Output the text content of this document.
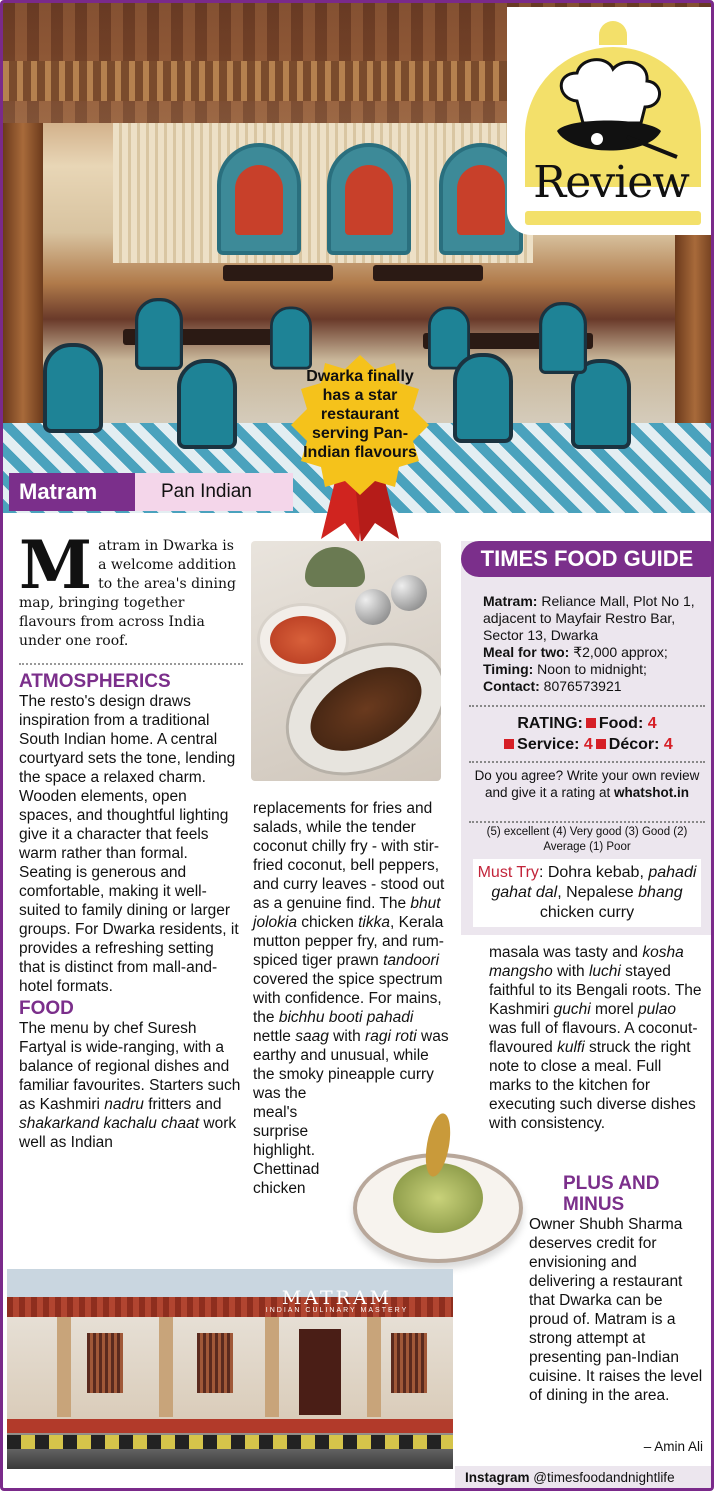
Review
Matram	Pan Indian
Dwarka finally has a star restaurant serving Pan-Indian flavours
Matram in Dwarka is a welcome addition to the area's dining map, bringing together flavours from across India under one roof.
ATMOSPHERICS
The resto's design draws inspiration from a traditional South Indian home. A central courtyard sets the tone, lending the space a relaxed charm. Wooden elements, open spaces, and thoughtful lighting give it a character that feels warm rather than formal. Seating is generous and comfortable, making it well-suited to family dining or larger groups. For Dwarka residents, it provides a refreshing setting that is distinct from mall-and-hotel formats.
FOOD
The menu by chef Suresh Fartyal is wide-ranging, with a balance of regional dishes and familiar favourites. Starters such as Kashmiri nadru fritters and shakarkand kachalu chaat work well as Indian
replacements for fries and salads, while the tender coconut chilly fry - with stir-fried coconut, bell peppers, and curry leaves - stood out as a genuine find. The bhut jolokia chicken tikka, Kerala mutton pepper fry, and rum-spiced tiger prawn tandoori covered the spice spectrum with confidence. For mains, the bichhu booti pahadi nettle saag with ragi roti was earthy and unusual, while the smoky pineapple curry
was the
meal's
surprise
highlight.
Chettinad
chicken
TIMES FOOD GUIDE
Matram: Reliance Mall, Plot No 1, adjacent to Mayfair Restro Bar, Sector 13, Dwarka
Meal for two: ₹2,000 approx;
Timing: Noon to midnight;
Contact: 8076573921
RATING: Food: 4
Service: 4 Décor: 4
Do you agree? Write your own review and give it a rating at whatshot.in
(5) excellent (4) Very good (3) Good (2) Average (1) Poor
Must Try: Dohra kebab, pahadi gahat dal, Nepalese bhang chicken curry
masala was tasty and kosha mangsho with luchi stayed faithful to its Bengali roots. The Kashmiri guchi morel pulao was full of flavours. A coconut-flavoured kulfi struck the right note to close a meal. Full marks to the kitchen for executing such diverse dishes with consistency.
PLUS AND MINUS
Owner Shubh Sharma deserves credit for envisioning and delivering a restaurant that Dwarka can be proud of. Matram is a strong attempt at presenting pan-Indian cuisine. It raises the level of dining in the area.
MATRAM
INDIAN CULINARY MASTERY
– Amin Ali
Instagram @timesfoodandnightlife
